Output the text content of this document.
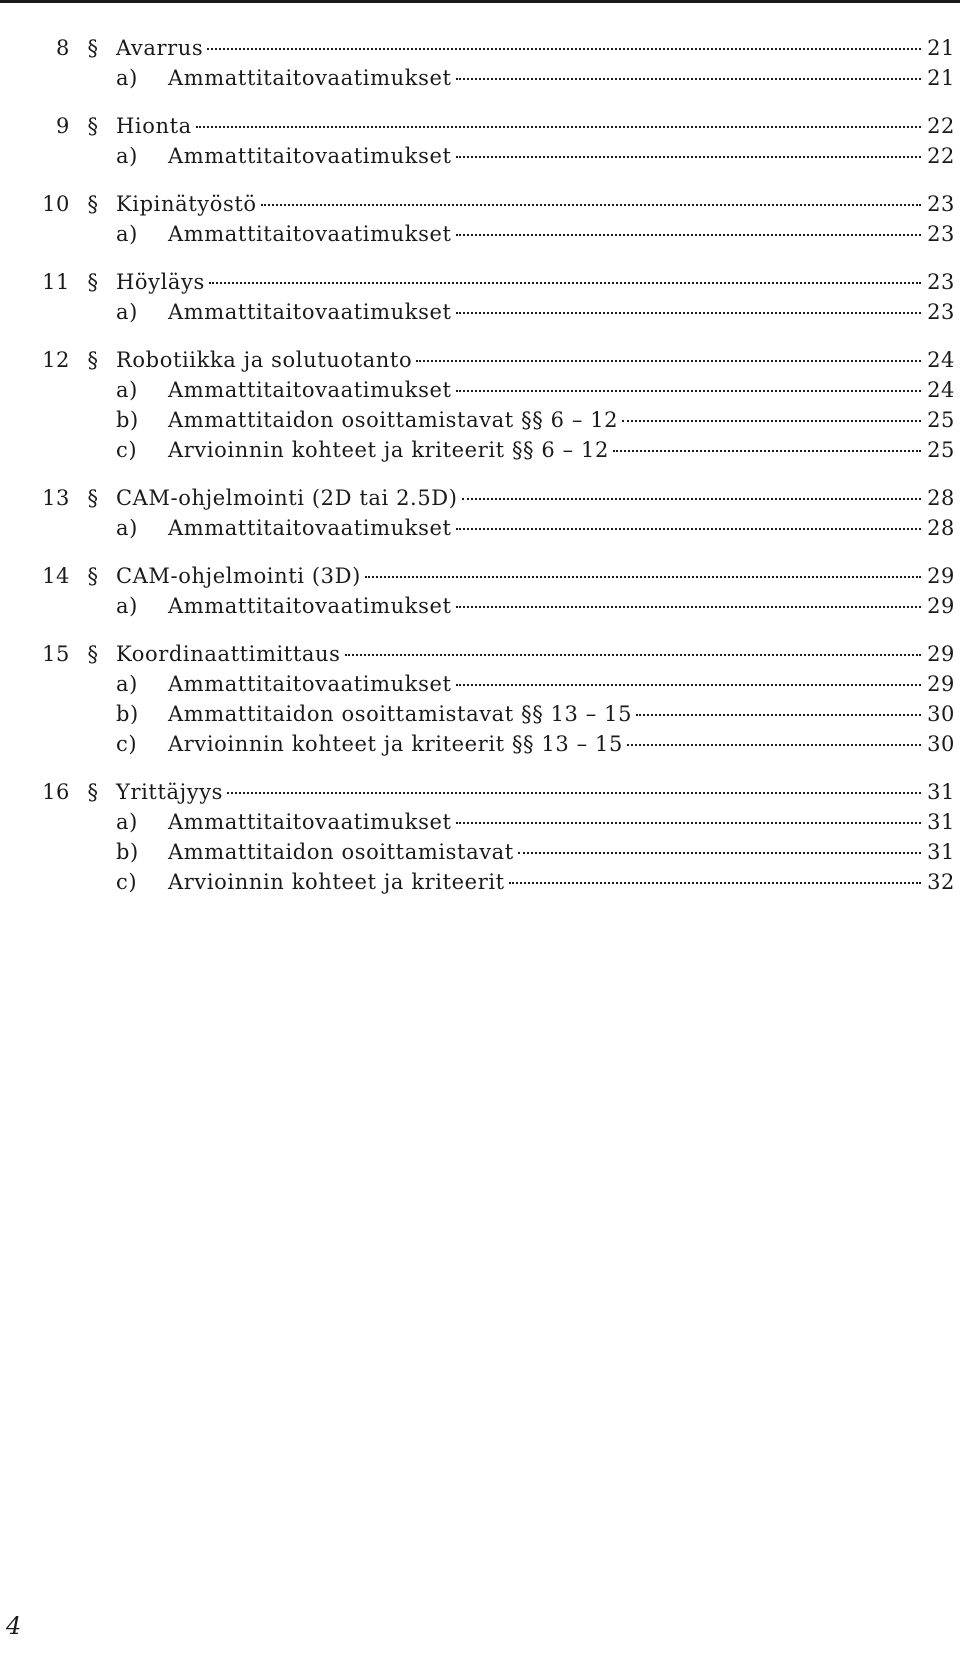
8 § Avarrus	21
a)	Ammattitaitovaatimukset	21
9 § Hionta	22
a)	Ammattitaitovaatimukset	22
10 § Kipinätyöstö	23
a)	Ammattitaitovaatimukset	23
11 § Höyläys	23
a)	Ammattitaitovaatimukset	23
12 § Robotiikka ja solutuotanto	24
a)	Ammattitaitovaatimukset	24
b)	Ammattitaidon osoittamistavat §§ 6 – 12	25
c)	Arvioinnin kohteet ja kriteerit §§ 6 – 12	25
13 § CAM-ohjelmointi (2D tai 2.5D)	28
a)	Ammattitaitovaatimukset	28
14 § CAM-ohjelmointi (3D)	29
a)	Ammattitaitovaatimukset	29
15 § Koordinaattimittaus	29
a)	Ammattitaitovaatimukset	29
b)	Ammattitaidon osoittamistavat §§ 13 – 15	30
c)	Arvioinnin kohteet ja kriteerit §§ 13 – 15	30
16 § Yrittäjyys	31
a)	Ammattitaitovaatimukset	31
b)	Ammattitaidon osoittamistavat	31
c)	Arvioinnin kohteet ja kriteerit	32
4
